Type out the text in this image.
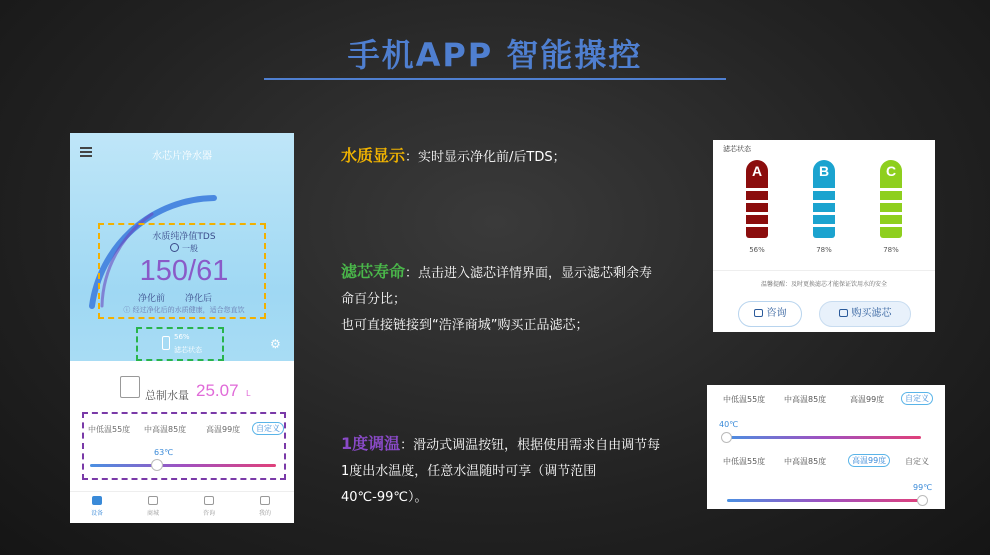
手机APP 智能操控
水芯片净水器
水质纯净值TDS
一般
150/61
净化前 净化后
ⓘ 经过净化后的水质健康，适合您直饮
56%
滤芯状态	⚙
总制水量 25.07 L
中低温55度 中高温85度 高温99度	自定义
63℃
设备	商城	咨询	我的
水质显示：实时显示净化前/后TDS；
滤芯寿命：点击进入滤芯详情界面，显示滤芯剩余寿命百分比；
也可直接链接到“浩泽商城”购买正品滤芯；
1度调温：滑动式调温按钮，根据使用需求自由调节每1度出水温度，任意水温随时可享（调节范围40℃-99℃）。
滤芯状态
A	B	C
56%	78%	78%
温馨提醒：及时更换滤芯才能保证饮用水的安全
咨询	购买滤芯
中低温55度 中高温85度	高温99度	自定义
40℃
中低温55度 中高温85度	高温99度	自定义
99℃
